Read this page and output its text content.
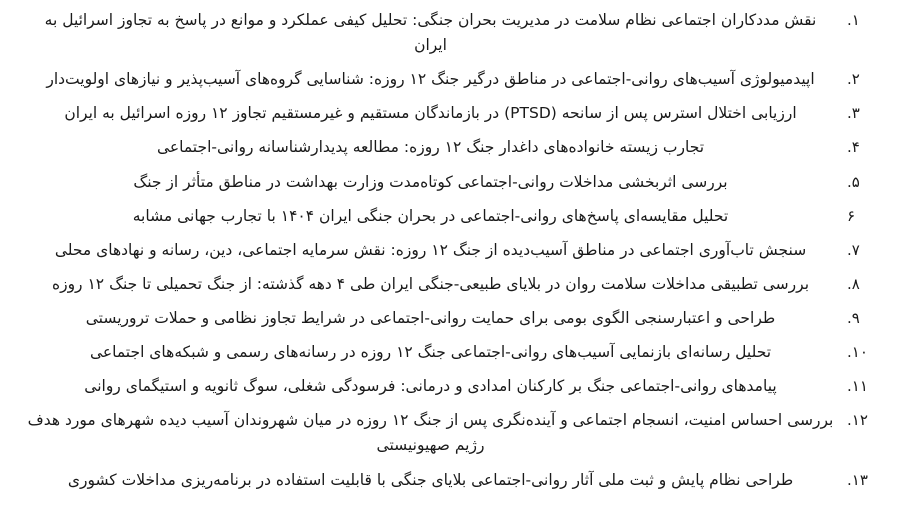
۱.
نقش مددکاران اجتماعی نظام سلامت در مدیریت بحران جنگی: تحلیل کیفی عملکرد و موانع در پاسخ به تجاوز اسرائیل به ایران
۲.
اپیدمیولوژی آسیب‌های روانی-اجتماعی در مناطق درگیر جنگ ۱۲ روزه: شناسایی گروه‌های آسیب‌پذیر و نیازهای اولویت‌دار
۳.
ارزیابی اختلال استرس پس از سانحه (PTSD) در بازماندگان مستقیم و غیرمستقیم تجاوز ۱۲ روزه اسرائیل به ایران
۴.
تجارب زیسته خانواده‌های داغدار جنگ ۱۲ روزه: مطالعه پدیدارشناسانه روانی-اجتماعی
۵.
بررسی اثربخشی مداخلات روانی-اجتماعی کوتاه‌مدت وزارت بهداشت در مناطق متأثر از جنگ
۶
تحلیل مقایسه‌ای پاسخ‌های روانی-اجتماعی در بحران جنگی ایران ۱۴۰۴ با تجارب جهانی مشابه
۷.
سنجش تاب‌آوری اجتماعی در مناطق آسیب‌دیده از جنگ ۱۲ روزه: نقش سرمایه اجتماعی، دین، رسانه و نهادهای محلی
۸.
بررسی تطبیقی مداخلات سلامت روان در بلایای طبیعی-جنگی ایران طی ۴ دهه گذشته: از جنگ تحمیلی تا جنگ ۱۲ روزه
۹.
طراحی و اعتبارسنجی الگوی بومی برای حمایت روانی-اجتماعی در شرایط تجاوز نظامی و حملات تروریستی
۱۰.
تحلیل رسانه‌ای بازنمایی آسیب‌های روانی-اجتماعی جنگ ۱۲ روزه در رسانه‌های رسمی و شبکه‌های اجتماعی
۱۱.
پیامدهای روانی-اجتماعی جنگ بر کارکنان امدادی و درمانی: فرسودگی شغلی، سوگ ثانویه و استیگمای روانی
۱۲.
بررسی احساس امنیت، انسجام اجتماعی و آینده‌نگری پس از جنگ ۱۲ روزه در میان شهروندان آسیب دیده شهرهای مورد هدف رژیم صهیونیستی
۱۳.
طراحی نظام پایش و ثبت ملی آثار روانی-اجتماعی بلایای جنگی با قابلیت استفاده در برنامه‌ریزی مداخلات کشوری
